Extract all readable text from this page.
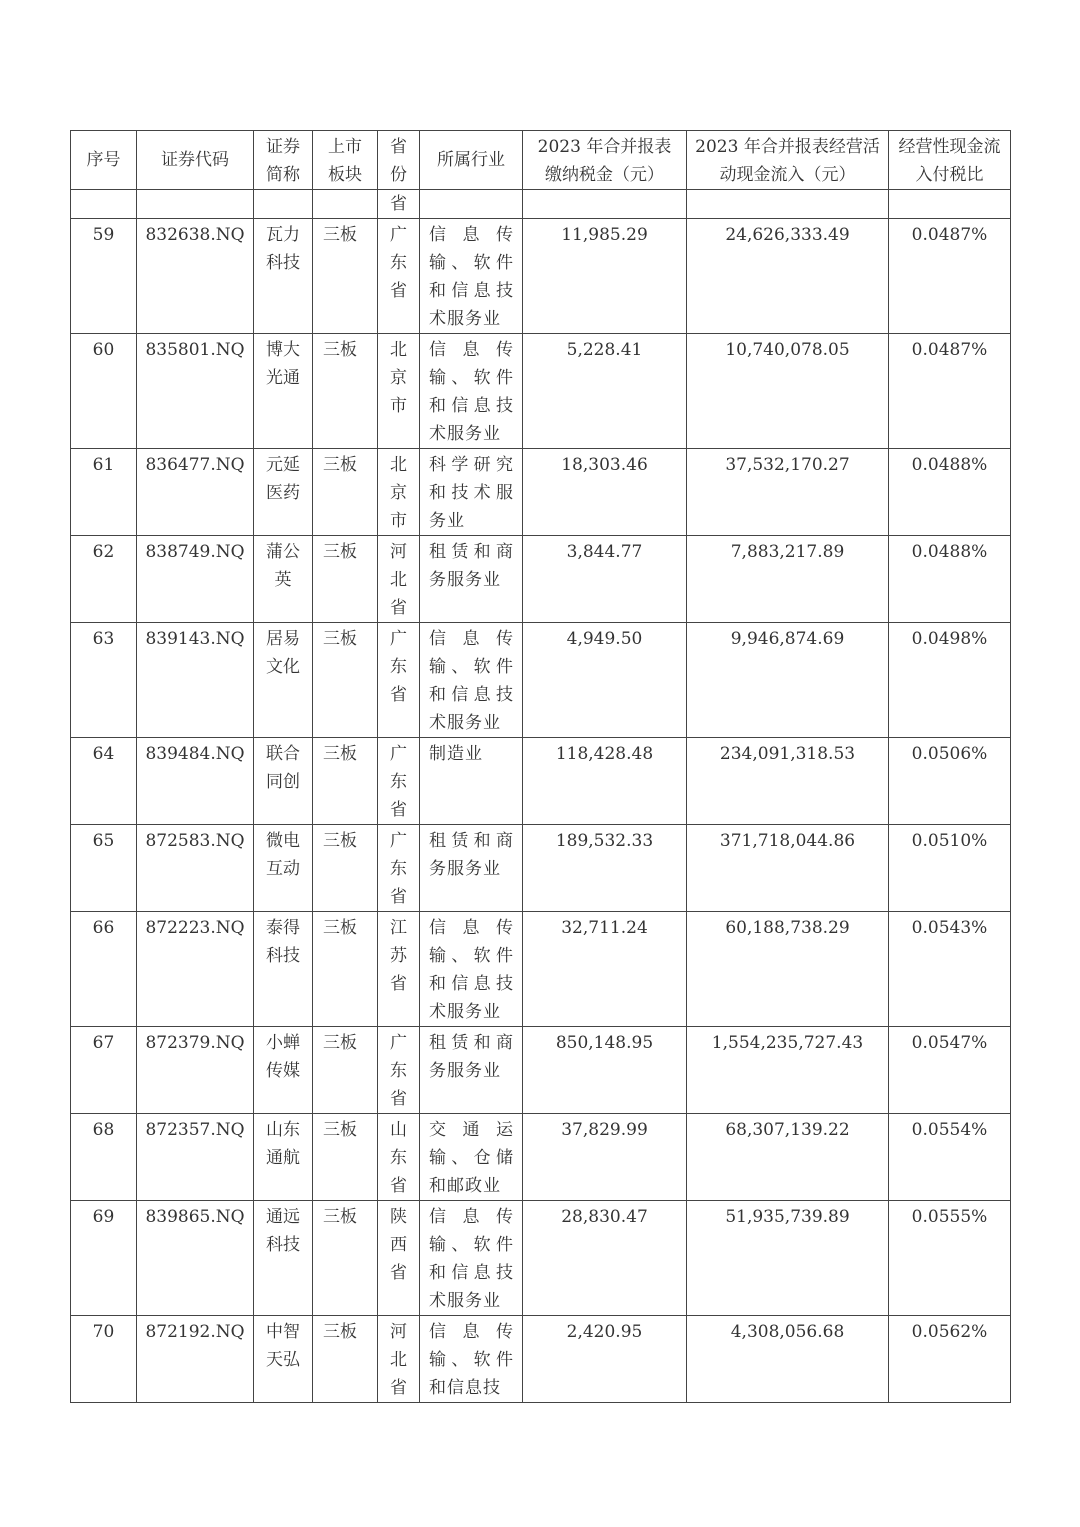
序号	证券代码	证券简称	上市板块	省份	所属行业	2023 年合并报表缴纳税金（元）	2023 年合并报表经营活动现金流入（元）	经营性现金流入付税比

				省				

59	832638.NQ	瓦力科技	三板	广东省	信 息 传输、软件和信息技术服务业	11,985.29	24,626,333.49	0.0487%

60	835801.NQ	博大光通	三板	北京市	信 息 传输、软件和信息技术服务业	5,228.41	10,740,078.05	0.0487%

61	836477.NQ	元延医药	三板	北京市	科学研究和技术服务业	18,303.46	37,532,170.27	0.0488%

62	838749.NQ	蒲公英	三板	河北省	租赁和商务服务业	3,844.77	7,883,217.89	0.0488%

63	839143.NQ	居易文化	三板	广东省	信 息 传输、软件和信息技术服务业	4,949.50	9,946,874.69	0.0498%

64	839484.NQ	联合同创	三板	广东省	制造业	118,428.48	234,091,318.53	0.0506%

65	872583.NQ	微电互动	三板	广东省	租赁和商务服务业	189,532.33	371,718,044.86	0.0510%

66	872223.NQ	泰得科技	三板	江苏省	信 息 传输、软件和信息技术服务业	32,711.24	60,188,738.29	0.0543%

67	872379.NQ	小蝉传媒	三板	广东省	租赁和商务服务业	850,148.95	1,554,235,727.43	0.0547%

68	872357.NQ	山东通航	三板	山东省	交 通 运输、仓储和邮政业	37,829.99	68,307,139.22	0.0554%

69	839865.NQ	通远科技	三板	陕西省	信 息 传输、软件和信息技术服务业	28,830.47	51,935,739.89	0.0555%

70	872192.NQ	中智天弘	三板	河北省	信 息 传输、软件和信息技	2,420.95	4,308,056.68	0.0562%
